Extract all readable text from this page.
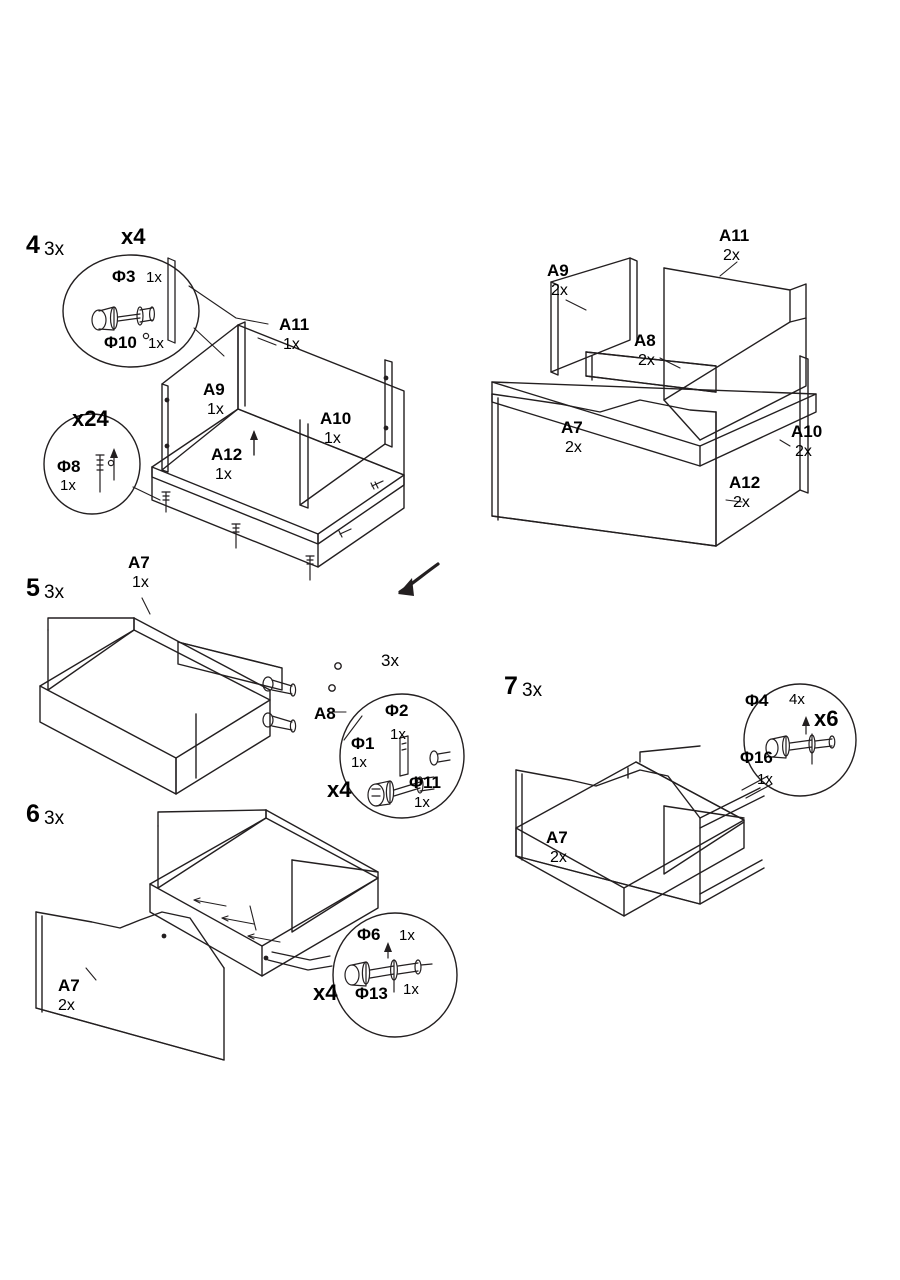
4 3x
x4
Φ3 1x
Φ10 1x
x24
Φ8
1x
A11
1x
A9
1x	A10
1x
A12
1x
A11
2x
A9
2x
A8
2x
A7
2x
A10
2x
A12
2x
5 3x
A7
1x
A8
3x
x4
Φ1
1x
Φ2
1x
Φ11
1x
6 3x
A7
2x
x4
Φ6 1x
Φ13 1x
7 3x
A7
2x
x6
Φ4 4x
Φ16
1x
